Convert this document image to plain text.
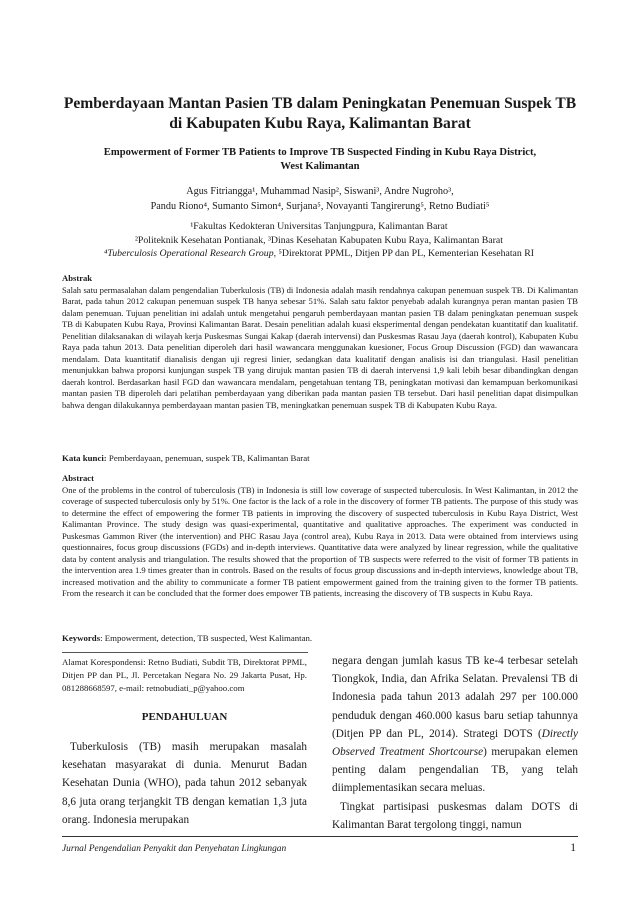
Pemberdayaan Mantan Pasien TB dalam Peningkatan Penemuan Suspek TB di Kabupaten Kubu Raya, Kalimantan Barat
Empowerment of Former TB Patients to Improve TB Suspected Finding in Kubu Raya District, West Kalimantan
Agus Fitriangga¹, Muhammad Nasip², Siswani³, Andre Nugroho³,
Pandu Riono⁴, Sumanto Simon⁴, Surjana⁵, Novayanti Tangirerung⁵, Retno Budiati⁵
¹Fakultas Kedokteran Universitas Tanjungpura, Kalimantan Barat
²Politeknik Kesehatan Pontianak, ³Dinas Kesehatan Kabupaten Kubu Raya, Kalimantan Barat
⁴Tuberculosis Operational Research Group, ⁵Direktorat PPML, Ditjen PP dan PL, Kementerian Kesehatan RI
Abstrak
Salah satu permasalahan dalam pengendalian Tuberkulosis (TB) di Indonesia adalah masih rendahnya cakupan penemuan suspek TB. Di Kalimantan Barat, pada tahun 2012 cakupan penemuan suspek TB hanya sebesar 51%. Salah satu faktor penyebab adalah kurangnya peran mantan pasien TB dalam penemuan. Tujuan penelitian ini adalah untuk mengetahui pengaruh pemberdayaan mantan pasien TB dalam peningkatan penemuan suspek TB di Kabupaten Kubu Raya, Provinsi Kalimantan Barat. Desain penelitian adalah kuasi eksperimental dengan pendekatan kuantitatif dan kualitatif. Penelitian dilaksanakan di wilayah kerja Puskesmas Sungai Kakap (daerah intervensi) dan Puskesmas Rasau Jaya (daerah kontrol), Kabupaten Kubu Raya pada tahun 2013. Data penelitian diperoleh dari hasil wawancara menggunakan kuesioner, Focus Group Discussion (FGD) dan wawancara mendalam. Data kuantitatif dianalisis dengan uji regresi linier, sedangkan data kualitatif dengan analisis isi dan triangulasi. Hasil penelitian menunjukkan bahwa proporsi kunjungan suspek TB yang dirujuk mantan pasien TB di daerah intervensi 1,9 kali lebih besar dibandingkan dengan daerah kontrol. Berdasarkan hasil FGD dan wawancara mendalam, pengetahuan tentang TB, peningkatan motivasi dan kemampuan berkomunikasi mantan pasien TB diperoleh dari pelatihan pemberdayaan yang diberikan pada mantan pasien TB tersebut. Dari hasil penelitian dapat disimpulkan bahwa dengan dilakukannya pemberdayaan mantan pasien TB, meningkatkan penemuan suspek TB di Kabupaten Kubu Raya.
Kata kunci: Pemberdayaan, penemuan, suspek TB, Kalimantan Barat
Abstract
One of the problems in the control of tuberculosis (TB) in Indonesia is still low coverage of suspected tuberculosis. In West Kalimantan, in 2012 the coverage of suspected tuberculosis only by 51%. One factor is the lack of a role in the discovery of former TB patients. The purpose of this study was to determine the effect of empowering the former TB patients in improving the discovery of suspected tuberculosis in Kubu Raya District, West Kalimantan Province. The study design was quasi-experimental, quantitative and qualitative approaches. The experiment was conducted in Puskesmas Gammon River (the intervention) and PHC Rasau Jaya (control area), Kubu Raya in 2013. Data were obtained from interviews using questionnaires, focus group discussions (FGDs) and in-depth interviews. Quantitative data were analyzed by linear regression, while the qualitative data by content analysis and triangulation. The results showed that the proportion of TB suspects were referred to the visit of former TB patients in the intervention area 1.9 times greater than in controls. Based on the results of focus group discussions and in-depth interviews, knowledge about TB, increased motivation and the ability to communicate a former TB patient empowerment gained from the training given to the former TB patients. From the research it can be concluded that the former does empower TB patients, increasing the discovery of TB suspects in Kubu Raya.
Keywords: Empowerment, detection, TB suspected, West Kalimantan.
Alamat Korespondensi: Retno Budiati, Subdit TB, Direktorat PPML, Ditjen PP dan PL, Jl. Percetakan Negara No. 29 Jakarta Pusat, Hp. 081288668597, e-mail: retnobudiati_p@yahoo.com
PENDAHULUAN
Tuberkulosis (TB) masih merupakan masalah kesehatan masyarakat di dunia. Menurut Badan Kesehatan Dunia (WHO), pada tahun 2012 sebanyak 8,6 juta orang terjangkit TB dengan kematian 1,3 juta orang. Indonesia merupakan
negara dengan jumlah kasus TB ke-4 terbesar setelah Tiongkok, India, dan Afrika Selatan. Prevalensi TB di Indonesia pada tahun 2013 adalah 297 per 100.000 penduduk dengan 460.000 kasus baru setiap tahunnya (Ditjen PP dan PL, 2014). Strategi DOTS (Directly Observed Treatment Shortcourse) merupakan elemen penting dalam pengendalian TB, yang telah diimplementasikan secara meluas.
Tingkat partisipasi puskesmas dalam DOTS di Kalimantan Barat tergolong tinggi, namun
Jurnal Pengendalian Penyakit dan Penyehatan Lingkungan	1
